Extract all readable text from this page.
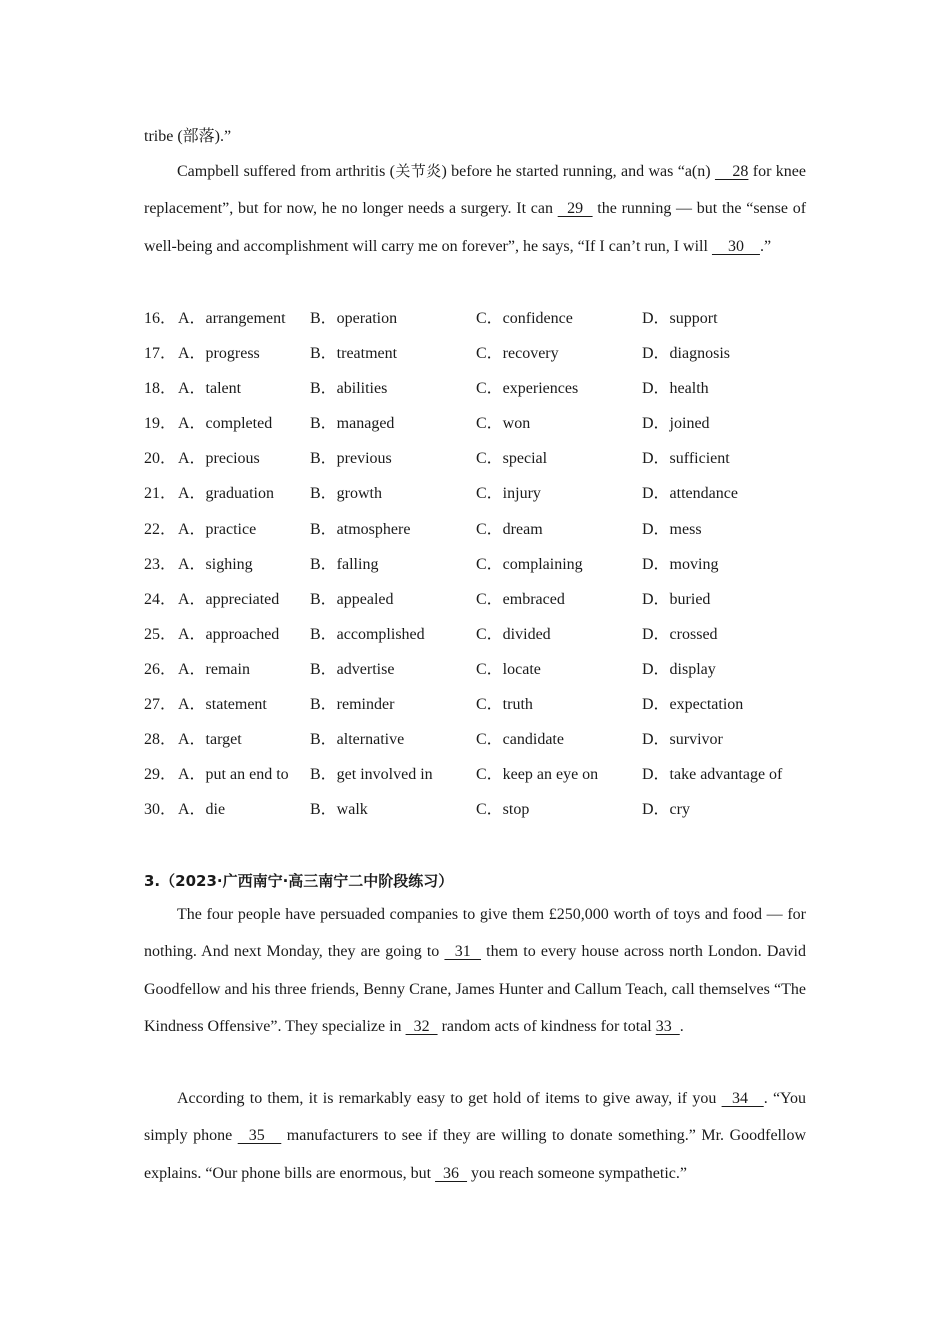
tribe (部落).”

Campbell suffered from arthritis (关节炎) before he started running, and was “a(n)     28 for knee replacement”, but for now, he no longer needs a surgery. It can   29   the running — but the “sense of well-being and accomplishment will carry me on forever”, he says, “If I can’t run, I will     30    .”

16． A．arrangement B．operation	C．confidence	D．support
17． A．progress	B．treatment	C．recovery	D．diagnosis
18． A．talent	B．abilities	C．experiences	D．health
19． A．completed B．managed	C．won	D．joined
20． A．precious	B．previous	C．special	D．sufficient
21． A．graduation B．growth	C．injury	D．attendance
22． A．practice	B．atmosphere	C．dream	D．mess
23． A．sighing	B．falling	C．complaining	D．moving
24． A．appreciated B．appealed	C．embraced	D．buried
25． A．approached B．accomplished	C．divided	D．crossed
26． A．remain	B．advertise	C．locate	D．display
27． A．statement	B．reminder	C．truth	D．expectation
28． A．target	B．alternative	C．candidate	D．survivor
29． A．put an end to B．get involved in	C．keep an eye on	D．take advantage of
30． A．die	B．walk	C．stop	D．cry
3.（2023·广西南宁·高三南宁二中阶段练习）

The four people have persuaded companies to give them £250,000 worth of toys and food — for nothing. And next Monday, they are going to   31   them to every house across north London. David Goodfellow and his three friends, Benny Crane, James Hunter and Callum Teach, call themselves “The Kindness Offensive”. They specialize in   32   random acts of kindness for total 33  .

According to them, it is remarkably easy to get hold of items to give away, if you   34   . “You simply phone   35    manufacturers to see if they are willing to donate something.” Mr. Goodfellow explains. “Our phone bills are enormous, but   36   you reach someone sympathetic.”
